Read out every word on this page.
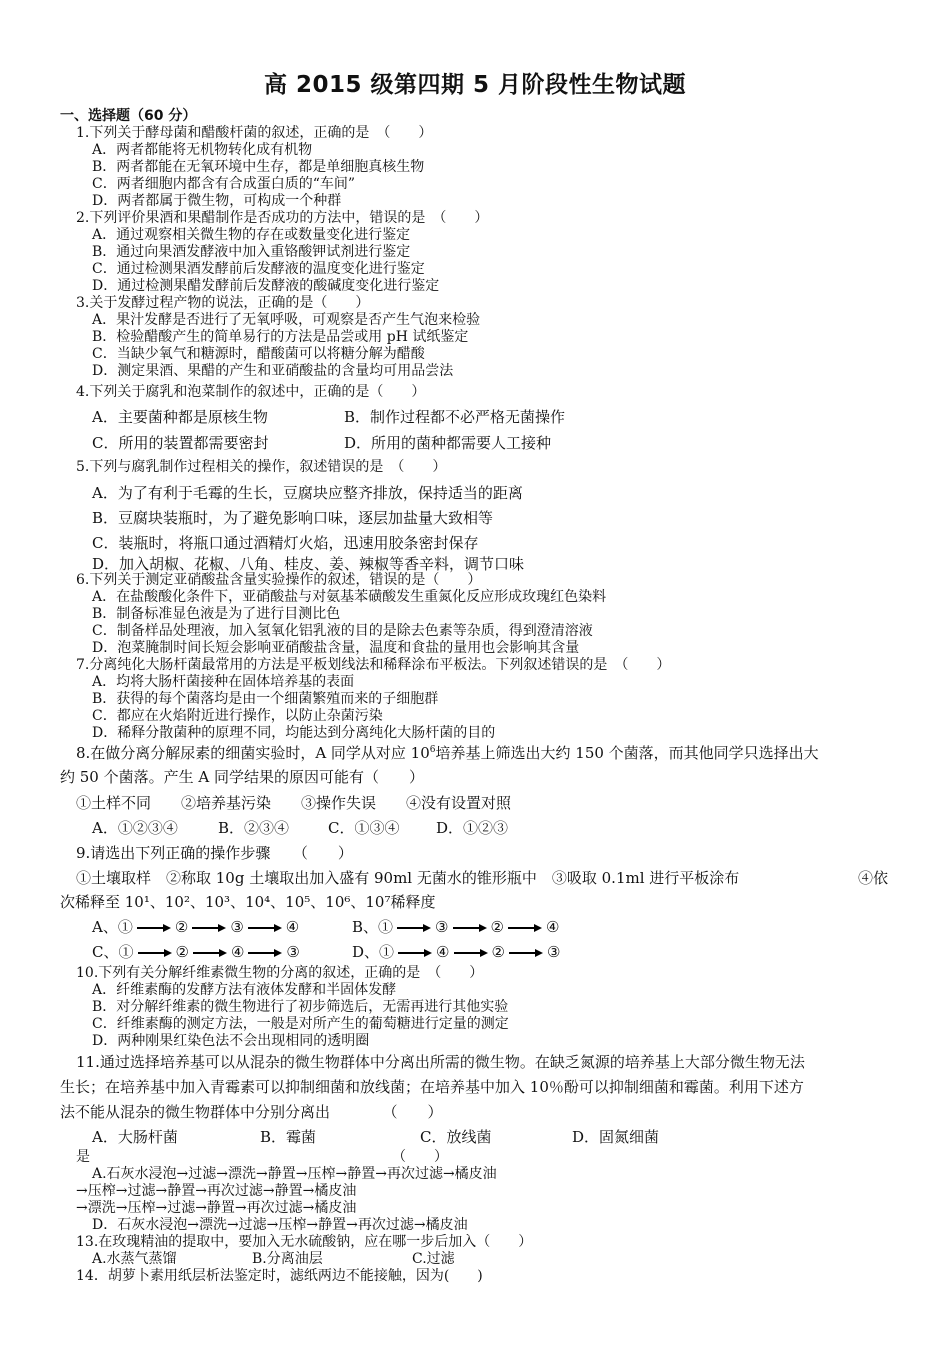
高 2015 级第四期 5 月阶段性生物试题
一、选择题（60 分）
1.下列关于酵母菌和醋酸杆菌的叙述，正确的是　（　　）
A．两者都能将无机物转化成有机物
B．两者都能在无氧环境中生存，都是单细胞真核生物
C．两者细胞内都含有合成蛋白质的“车间”
D．两者都属于微生物，可构成一个种群
2.下列评价果酒和果醋制作是否成功的方法中，错误的是　（　　）
A．通过观察相关微生物的存在或数量变化进行鉴定
B．通过向果酒发酵液中加入重铬酸钾试剂进行鉴定
C．通过检测果酒发酵前后发酵液的温度变化进行鉴定
D．通过检测果醋发酵前后发酵液的酸碱度变化进行鉴定
3.关于发酵过程产物的说法，正确的是（　　）
A．果汁发酵是否进行了无氧呼吸，可观察是否产生气泡来检验
B．检验醋酸产生的简单易行的方法是品尝或用 pH 试纸鉴定
C．当缺少氧气和糖源时，醋酸菌可以将糖分解为醋酸
D．测定果酒、果醋的产生和亚硝酸盐的含量均可用品尝法
4.下列关于腐乳和泡菜制作的叙述中，正确的是（　　）
A．主要菌种都是原核生物	B．制作过程都不必严格无菌操作
C．所用的装置都需要密封	D．所用的菌种都需要人工接种
5.下列与腐乳制作过程相关的操作，叙述错误的是　（　　）
A．为了有利于毛霉的生长，豆腐块应整齐排放，保持适当的距离
B．豆腐块装瓶时，为了避免影响口味，逐层加盐量大致相等
C．装瓶时，将瓶口通过酒精灯火焰，迅速用胶条密封保存
D．加入胡椒、花椒、八角、桂皮、姜、辣椒等香辛料，调节口味
6.下列关于测定亚硝酸盐含量实验操作的叙述，错误的是（　　）
A．在盐酸酸化条件下，亚硝酸盐与对氨基苯磺酸发生重氮化反应形成玫瑰红色染料
B．制备标准显色液是为了进行目测比色
C．制备样品处理液，加入氢氧化铝乳液的目的是除去色素等杂质，得到澄清溶液
D．泡菜腌制时间长短会影响亚硝酸盐含量，温度和食盐的量用也会影响其含量
7.分离纯化大肠杆菌最常用的方法是平板划线法和稀释涂布平板法。下列叙述错误的是　（　　）
A．均将大肠杆菌接种在固体培养基的表面
B．获得的每个菌落均是由一个细菌繁殖而来的子细胞群
C．都应在火焰附近进行操作，以防止杂菌污染
D．稀释分散菌种的原理不同，均能达到分离纯化大肠杆菌的目的
8.在做分离分解尿素的细菌实验时，A 同学从对应 $10^6$培养基上筛选出大约 150 个菌落，而其他同学只选择出大
约 50 个菌落。产生 A 同学结果的原因可能有（　　）
①土样不同　　②培养基污染　　③操作失误　　④没有设置对照
A．①②③④	B．②③④	C．①③④ D．①②③
9.请选出下列正确的操作步骤　　（　　）
①土壤取样　②称取 10g 土壤取出加入盛有 90ml 无菌水的锥形瓶中　③吸取 0.1ml 进行平板涂布	④依
次稀释至 10¹、10²、10³、10⁴、10⁵、10⁶、10⁷稀释度
A、①	②	③	④	B、①	③	②	④
C、①	②	④	③	D、①	④	②	③
10.下列有关分解纤维素微生物的分离的叙述，正确的是　（　　）
A．纤维素酶的发酵方法有液体发酵和半固体发酵
B．对分解纤维素的微生物进行了初步筛选后，无需再进行其他实验
C．纤维素酶的测定方法，一般是对所产生的葡萄糖进行定量的测定
D．两种刚果红染色法不会出现相同的透明圈
11.通过选择培养基可以从混杂的微生物群体中分离出所需的微生物。在缺乏氮源的培养基上大部分微生物无法
生长；在培养基中加入青霉素可以抑制细菌和放线菌；在培养基中加入 10％酚可以抑制细菌和霉菌。利用下述方
法不能从混杂的微生物群体中分别分离出　　　　（　　）
A．大肠杆菌	B．霉菌	C．放线菌	D．固氮细菌
是	（　　）
A.石灰水浸泡→过滤→漂洗→静置→压榨→静置→再次过滤→橘皮油
→压榨→过滤→静置→再次过滤→静置→橘皮油
→漂洗→压榨→过滤→静置→再次过滤→橘皮油
D．石灰水浸泡→漂洗→过滤→压榨→静置→再次过滤→橘皮油
13.在玫瑰精油的提取中，要加入无水硫酸钠，应在哪一步后加入（　　）
A.水蒸气蒸馏	B.分离油层	C.过滤
14．胡萝卜素用纸层析法鉴定时，滤纸两边不能接触，因为(　　)
